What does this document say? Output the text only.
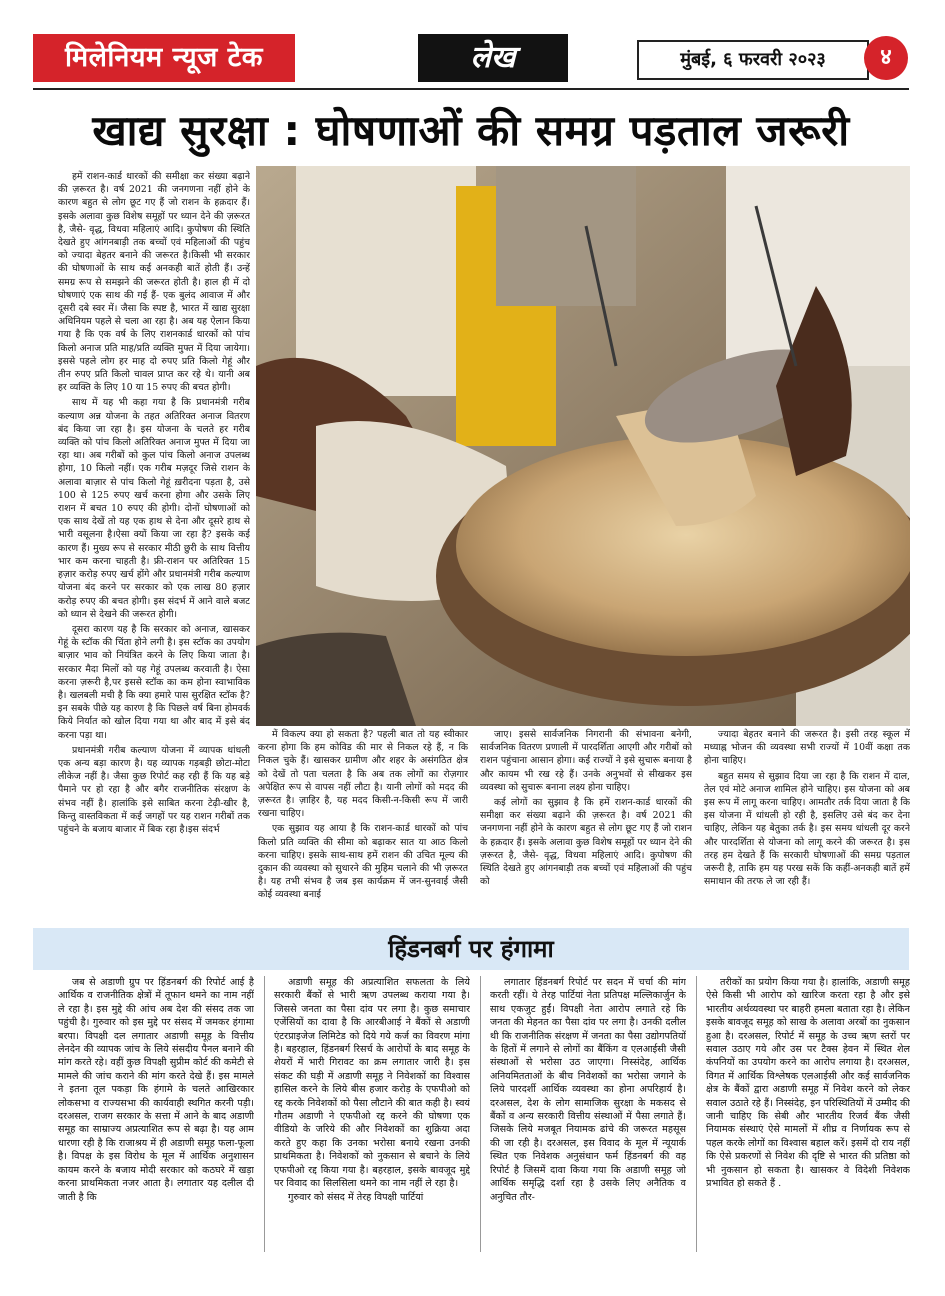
मिलेनियम न्यूज टेक	लेख	मुंबई, ६ फरवरी २०२३	४
खाद्य सुरक्षा : घोषणाओं की समग्र पड़ताल जरूरी

हमें राशन-कार्ड धारकों की समीक्षा कर संख्या बढ़ाने की ज़रूरत है। वर्ष 2021 की जनगणना नहीं होने के कारण बहुत से लोग छूट गए हैं जो राशन के हक़दार हैं। इसके अलावा कुछ विशेष समूहों पर ध्यान देने की ज़रूरत है, जैसे- वृद्ध, विधवा महिलाएं आदि। कुपोषण की स्थिति देखते हुए आंगनबाड़ी तक बच्चों एवं महिलाओं की पहुंच को ज्यादा बेहतर बनाने की जरूरत है।किसी भी सरकार की घोषणाओं के साथ कई अनकही बातें होती हैं। उन्हें समग्र रूप से समझने की जरूरत होती है। हाल ही में दो घोषणाएं एक साथ की गई हैं- एक बुलंद आवाज में और दूसरी दबे स्वर में। जैसा कि स्पष्ट है, भारत में खाद्य सुरक्षा अधिनियम पहले से चला आ रहा है। अब यह ऐलान किया गया है कि एक वर्ष के लिए राशनकार्ड धारकों को पांच किलो अनाज प्रति माह/प्रति व्यक्ति मुफ्त में दिया जायेगा। इससे पहले लोग हर माह दो रुपए प्रति किलो गेहूं और तीन रुपए प्रति किलो चावल प्राप्त कर रहे थे। यानी अब हर व्यक्ति के लिए 10 या 15 रुपए की बचत होगी।

साथ में यह भी कहा गया है कि प्रधानमंत्री गरीब कल्याण अन्न योजना के तहत अतिरिक्त अनाज वितरण बंद किया जा रहा है। इस योजना के चलते हर गरीब व्यक्ति को पांच किलो अतिरिक्त अनाज मुफ्त में दिया जा रहा था। अब गरीबों को कुल पांच किलो अनाज उपलब्ध होगा, 10 किलो नहीं। एक गरीब मज़दूर जिसे राशन के अलावा बाज़ार से पांच किलो गेहूं ख़रीदना पड़ता है, उसे 100 से 125 रुपए खर्च करना होगा और उसके लिए राशन में बचत 10 रुपए की होगी। दोनों घोषणाओं को एक साथ देखें तो यह एक हाथ से देना और दूसरे हाथ से भारी वसूलना है।ऐसा क्यों किया जा रहा है? इसके कई कारण हैं। मुख्य रूप से सरकार मीठी छुरी के साथ वित्तीय भार कम करना चाहती है। फ्री-राशन पर अतिरिक्त 15 हज़ार करोड़ रुपए खर्च होंगे और प्रधानमंत्री गरीब कल्याण योजना बंद करने पर सरकार को एक लाख 80 हज़ार करोड़ रुपए की बचत होगी। इस संदर्भ में आने वाले बजट को ध्यान से देखने की जरूरत होगी।

दूसरा कारण यह है कि सरकार को अनाज, खासकर गेहूं के स्टॉक की चिंता होने लगी है। इस स्टॉक का उपयोग बाज़ार भाव को नियंत्रित करने के लिए किया जाता है। सरकार मैदा मिलों को यह गेहूं उपलब्ध करवाती है। ऐसा करना ज़रूरी है,पर इससे स्टॉक का कम होना स्वाभाविक है। खलबली मची है कि क्या हमारे पास सुरक्षित स्टॉक है? इन सबके पीछे यह कारण है कि पिछले वर्ष बिना होमवर्क किये निर्यात को खोल दिया गया था और बाद में इसे बंद करना पड़ा था।

प्रधानमंत्री गरीब कल्याण योजना में व्यापक धांधली एक अन्य बड़ा कारण है। यह व्यापक गड़बड़ी छोटा-मोटा लीकेज नहीं है। जैसा कुछ रिपोर्ट कह रही हैं कि यह बड़े पैमाने पर हो रहा है और बगैर राजनीतिक संरक्षण के संभव नहीं है। हालांकि इसे साबित करना टेढ़ी-खीर है, किन्तु वास्तविकता में कई जगहों पर यह राशन गरीबों तक पहुंचने के बजाय बाजार में बिक रहा है।इस संदर्भ

में विकल्प क्या हो सकता है? पहली बात तो यह स्वीकार करना होगा कि हम कोविड की मार से निकल रहे हैं, न कि निकल चुके हैं। खासकर ग्रामीण और शहर के असंगठित क्षेत्र को देखें तो पता चलता है कि अब तक लोगों का रोज़गार अपेक्षित रूप से वापस नहीं लौटा है। यानी लोगों को मदद की ज़रूरत है। ज़ाहिर है, यह मदद किसी-न-किसी रूप में जारी रखना चाहिए।

एक सुझाव यह आया है कि राशन-कार्ड धारकों को पांच किलो प्रति व्यक्ति की सीमा को बढ़ाकर सात या आठ किलो करना चाहिए। इसके साथ-साथ हमें राशन की उचित मूल्य की दुकान की व्यवस्था को सुधारने की मुहिम चलाने की भी ज़रूरत है। यह तभी संभव है जब इस कार्यक्रम में जन-सुनवाई जैसी कोई व्यवस्था बनाई

जाए। इससे सार्वजनिक निगरानी की संभावना बनेगी, सार्वजनिक वितरण प्रणाली में पारदर्शिता आएगी और गरीबों को राशन पहुंचाना आसान होगा। कई राज्यों ने इसे सुचारू बनाया है और कायम भी रख रहे हैं। उनके अनुभवों से सीखकर इस व्यवस्था को सुचारू बनाना लक्ष्य होना चाहिए।

कई लोगों का सुझाव है कि हमें राशन-कार्ड धारकों की समीक्षा कर संख्या बढ़ाने की ज़रूरत है। वर्ष 2021 की जनगणना नहीं होने के कारण बहुत से लोग छूट गए हैं जो राशन के हक़दार हैं। इसके अलावा कुछ विशेष समूहों पर ध्यान देने की ज़रूरत है, जैसे- वृद्ध, विधवा महिलाएं आदि। कुपोषण की स्थिति देखते हुए आंगनबाड़ी तक बच्चों एवं महिलाओं की पहुंच को

ज्यादा बेहतर बनाने की जरूरत है। इसी तरह स्कूल में मध्याह्न भोजन की व्यवस्था सभी राज्यों में 10वीं कक्षा तक होना चाहिए।

बहुत समय से सुझाव दिया जा रहा है कि राशन में दाल, तेल एवं मोटे अनाज शामिल होने चाहिए। इस योजना को अब इस रूप में लागू करना चाहिए। आमतौर तर्क दिया जाता है कि इस योजना में धांधली हो रही है, इसलिए उसे बंद कर देना चाहिए, लेकिन यह बेतुका तर्क है। इस समय धांधली दूर करने और पारदर्शिता से योजना को लागू करने की जरूरत है। इस तरह हम देखते हैं कि सरकारी घोषणाओं की समग्र पड़ताल जरूरी है, ताकि हम यह परख सकें कि कहीं-अनकही बातें हमें समाधान की तरफ ले जा रही हैं।

हिंडनबर्ग पर हंगामा

जब से अडाणी ग्रुप पर हिंडनबर्ग की रिपोर्ट आई है आर्थिक व राजनीतिक क्षेत्रों में तूफान थमने का नाम नहीं ले रहा है। इस मुद्दे की आंच अब देश की संसद तक जा पहुंची है। गुरुवार को इस मुद्दे पर संसद में जमकर हंगामा बरपा। विपक्षी दल लगातार अडाणी समूह के वित्तीय लेनदेन की व्यापक जांच के लिये संसदीय पैनल बनाने की मांग करते रहे। वहीं कुछ विपक्षी सुप्रीम कोर्ट की कमेटी से मामले की जांच कराने की मांग करते देखे हैं। इस मामले ने इतना तूल पकड़ा कि हंगामे के चलते आखिरकार लोकसभा व राज्यसभा की कार्यवाही स्थगित करनी पड़ी। दरअसल, राजग सरकार के सत्ता में आने के बाद अडाणी समूह का साम्राज्य अप्रत्याशित रूप से बढ़ा है। यह आम धारणा रही है कि राजाश्रय में ही अडाणी समूह फला-फूला है। विपक्ष के इस विरोध के मूल में आर्थिक अनुशासन कायम करने के बजाय मोदी सरकार को कठघरे में खड़ा करना प्राथमिकता नजर आता है। लगातार यह दलील दी जाती है कि

अडाणी समूह की अप्रत्याशित सफलता के लिये सरकारी बैंकों से भारी ऋण उपलब्ध कराया गया है। जिससे जनता का पैसा दांव पर लगा है। कुछ समाचार एजेंसियों का दावा है कि आरबीआई ने बैंकों से अडाणी एंटरप्राइजेज लिमिटेड को दिये गये कर्ज का विवरण मांगा है। बहरहाल, हिंडनबर्ग रिसर्च के आरोपों के बाद समूह के शेयरों में भारी गिरावट का क्रम लगातार जारी है। इस संकट की घड़ी में अडाणी समूह ने निवेशकों का विश्वास हासिल करने के लिये बीस हजार करोड़ के एफपीओ को रद्द करके निवेशकों को पैसा लौटाने की बात कही है। स्वयं गौतम अडाणी ने एफपीओ रद्द करने की घोषणा एक वीडियो के जरिये की और निवेशकों का शुक्रिया अदा करते हुए कहा कि उनका भरोसा बनाये रखना उनकी प्राथमिकता है। निवेशकों को नुकसान से बचाने के लिये एफपीओ रद्द किया गया है। बहरहाल, इसके बावजूद मुद्दे पर विवाद का सिलसिला थमने का नाम नहीं ले रहा है।

गुरुवार को संसद में तेरह विपक्षी पार्टियां

लगातार हिंडनबर्ग रिपोर्ट पर सदन में चर्चा की मांग करती रहीं। ये तेरह पार्टियां नेता प्रतिपक्ष मल्लिकार्जुन के साथ एकजुट हुईं। विपक्षी नेता आरोप लगाते रहे कि जनता की मेहनत का पैसा दांव पर लगा है। उनकी दलील थी कि राजनीतिक संरक्षण में जनता का पैसा उद्योगपतियों के हितों में लगाने से लोगों का बैंकिंग व एलआईसी जैसी संस्थाओं से भरोसा उठ जाएगा। निस्संदेह, आर्थिक अनियमितताओं के बीच निवेशकों का भरोसा जगाने के लिये पारदर्शी आर्थिक व्यवस्था का होना अपरिहार्य है। दरअसल, देश के लोग सामाजिक सुरक्षा के मकसद से बैंकों व अन्य सरकारी वित्तीय संस्थाओं में पैसा लगाते हैं। जिसके लिये मजबूत नियामक ढांचे की जरूरत महसूस की जा रही है। दरअसल, इस विवाद के मूल में न्यूयार्क स्थित एक निवेशक अनुसंधान फर्म हिंडनबर्ग की वह रिपोर्ट है जिसमें दावा किया गया कि अडाणी समूह जो आर्थिक समृद्धि दर्शा रहा है उसके लिए अनैतिक व अनुचित तौर-

तरीकों का प्रयोग किया गया है। हालांकि, अडाणी समूह ऐसे किसी भी आरोप को खारिज करता रहा है और इसे भारतीय अर्थव्यवस्था पर बाहरी हमला बताता रहा है। लेकिन इसके बावजूद समूह को साख के अलावा अरबों का नुकसान हुआ है। दरअसल, रिपोर्ट में समूह के उच्च ऋण स्तरों पर सवाल उठाए गये और उस पर टैक्स हेवन में स्थित शेल कंपनियों का उपयोग करने का आरोप लगाया है। दरअसल, विगत में आर्थिक विश्लेषक एलआईसी और कई सार्वजनिक क्षेत्र के बैंकों द्वारा अडाणी समूह में निवेश करने को लेकर सवाल उठाते रहे हैं। निस्संदेह, इन परिस्थितियों में उम्मीद की जानी चाहिए कि सेबी और भारतीय रिजर्व बैंक जैसी नियामक संस्थाएं ऐसे मामलों में शीघ्र व निर्णायक रूप से पहल करके लोगों का विश्वास बहाल करें। इसमें दो राय नहीं कि ऐसे प्रकरणों से निवेश की दृष्टि से भारत की प्रतिष्ठा को भी नुकसान हो सकता है। खासकर वे विदेशी निवेशक प्रभावित हो सकते हैं .
